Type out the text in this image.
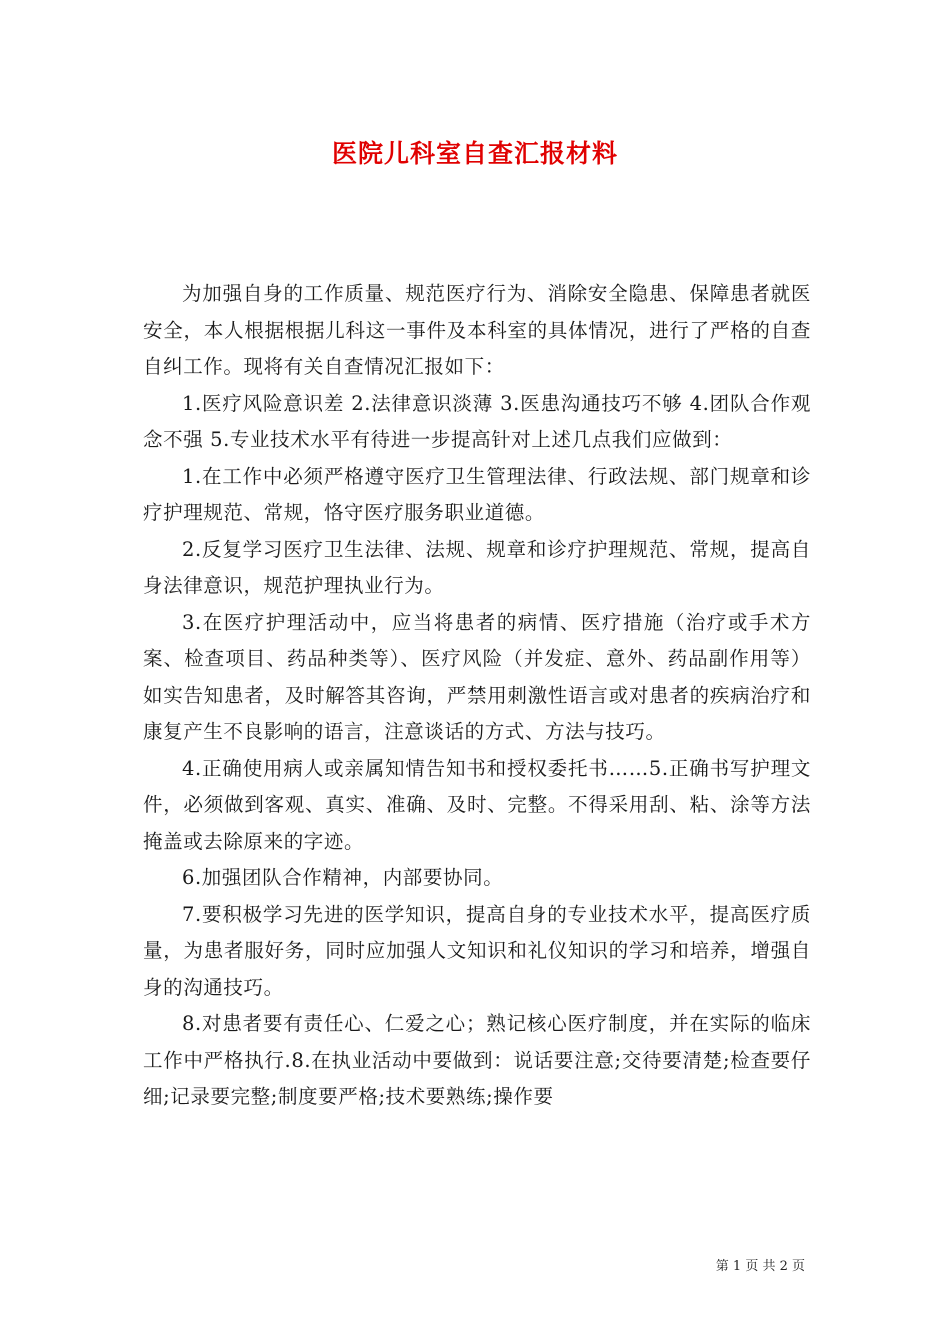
医院儿科室自查汇报材料

为加强自身的工作质量、规范医疗行为、消除安全隐患、保障患者就医安全，本人根据根据儿科这一事件及本科室的具体情况，进行了严格的自查自纠工作。现将有关自查情况汇报如下：

1.医疗风险意识差 2.法律意识淡薄 3.医患沟通技巧不够 4.团队合作观念不强 5.专业技术水平有待进一步提高针对上述几点我们应做到：

1.在工作中必须严格遵守医疗卫生管理法律、行政法规、部门规章和诊疗护理规范、常规，恪守医疗服务职业道德。

2.反复学习医疗卫生法律、法规、规章和诊疗护理规范、常规，提高自身法律意识，规范护理执业行为。

3.在医疗护理活动中，应当将患者的病情、医疗措施（治疗或手术方案、检查项目、药品种类等）、医疗风险（并发症、意外、药品副作用等）如实告知患者，及时解答其咨询，严禁用刺激性语言或对患者的疾病治疗和康复产生不良影响的语言，注意谈话的方式、方法与技巧。

4.正确使用病人或亲属知情告知书和授权委托书……5.正确书写护理文件，必须做到客观、真实、准确、及时、完整。不得采用刮、粘、涂等方法掩盖或去除原来的字迹。

6.加强团队合作精神，内部要协同。

7.要积极学习先进的医学知识，提高自身的专业技术水平，提高医疗质量，为患者服好务，同时应加强人文知识和礼仪知识的学习和培养，增强自身的沟通技巧。

8.对患者要有责任心、仁爱之心；熟记核心医疗制度，并在实际的临床工作中严格执行.8.在执业活动中要做到：说话要注意;交待要清楚;检查要仔细;记录要完整;制度要严格;技术要熟练;操作要

第 1 页 共 2 页
